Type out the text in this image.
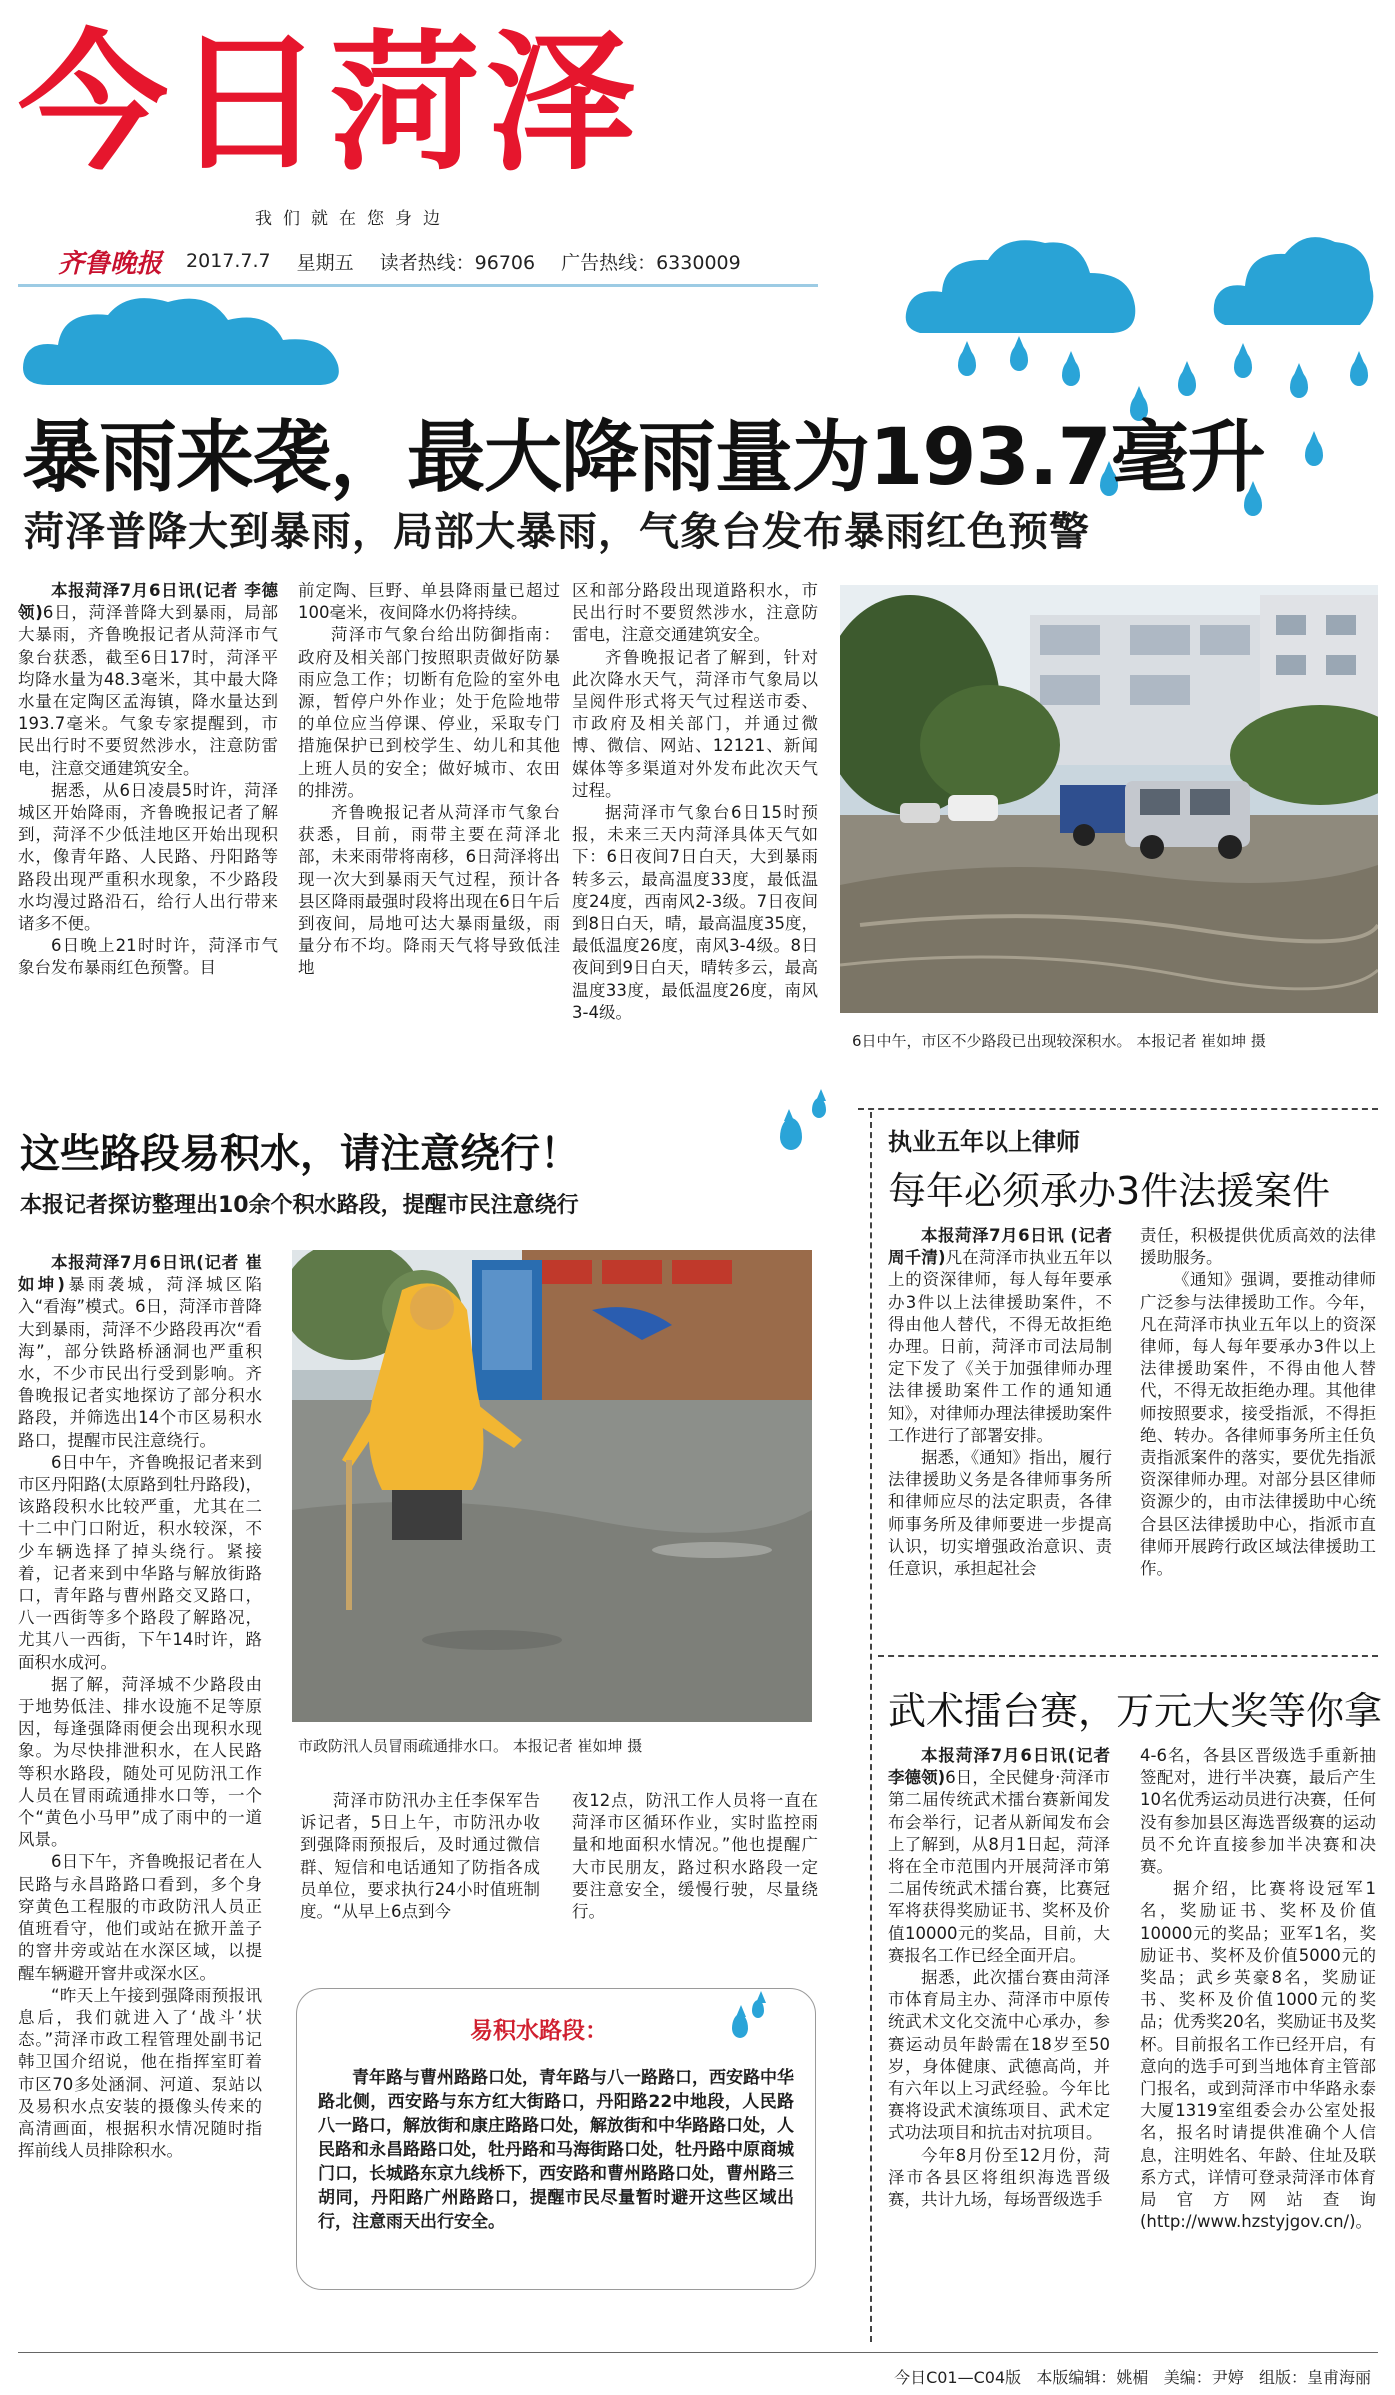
今日菏泽
我们就在您身边
齐鲁晚报 2017.7.7 星期五 读者热线：96706 广告热线：6330009
暴雨来袭，最大降雨量为193.7毫升
菏泽普降大到暴雨，局部大暴雨，气象台发布暴雨红色预警

本报菏泽7月6日讯(记者 李德领)6日，菏泽普降大到暴雨，局部大暴雨，齐鲁晚报记者从菏泽市气象台获悉，截至6日17时，菏泽平均降水量为48.3毫米，其中最大降水量在定陶区孟海镇，降水量达到193.7毫米。气象专家提醒到，市民出行时不要贸然涉水，注意防雷电，注意交通建筑安全。

据悉，从6日凌晨5时许，菏泽城区开始降雨，齐鲁晚报记者了解到，菏泽不少低洼地区开始出现积水，像青年路、人民路、丹阳路等路段出现严重积水现象，不少路段水均漫过路沿石，给行人出行带来诸多不便。

6日晚上21时时许，菏泽市气象台发布暴雨红色预警。目

前定陶、巨野、单县降雨量已超过100毫米，夜间降水仍将持续。

菏泽市气象台给出防御指南：政府及相关部门按照职责做好防暴雨应急工作；切断有危险的室外电源，暂停户外作业；处于危险地带的单位应当停课、停业，采取专门措施保护已到校学生、幼儿和其他上班人员的安全；做好城市、农田的排涝。

齐鲁晚报记者从菏泽市气象台获悉，目前，雨带主要在菏泽北部，未来雨带将南移，6日菏泽将出现一次大到暴雨天气过程，预计各县区降雨最强时段将出现在6日午后到夜间，局地可达大暴雨量级，雨量分布不均。降雨天气将导致低洼地

区和部分路段出现道路积水，市民出行时不要贸然涉水，注意防雷电，注意交通建筑安全。

齐鲁晚报记者了解到，针对此次降水天气，菏泽市气象局以呈阅件形式将天气过程送市委、市政府及相关部门，并通过微博、微信、网站、12121、新闻媒体等多渠道对外发布此次天气过程。

据菏泽市气象台6日15时预报，未来三天内菏泽具体天气如下：6日夜间7日白天，大到暴雨转多云，最高温度33度，最低温度24度，西南风2-3级。7日夜间到8日白天，晴，最高温度35度，最低温度26度，南风3-4级。8日夜间到9日白天，晴转多云，最高温度33度，最低温度26度，南风3-4级。

6日中午，市区不少路段已出现较深积水。 本报记者 崔如坤 摄
这些路段易积水，请注意绕行！
本报记者探访整理出10余个积水路段，提醒市民注意绕行

本报菏泽7月6日讯(记者 崔如坤)暴雨袭城，菏泽城区陷入“看海”模式。6日，菏泽市普降大到暴雨，菏泽不少路段再次“看海”，部分铁路桥涵洞也严重积水，不少市民出行受到影响。齐鲁晚报记者实地探访了部分积水路段，并筛选出14个市区易积水路口，提醒市民注意绕行。

6日中午，齐鲁晚报记者来到市区丹阳路(太原路到牡丹路段)，该路段积水比较严重，尤其在二十二中门口附近，积水较深，不少车辆选择了掉头绕行。紧接着，记者来到中华路与解放街路口，青年路与曹州路交叉路口，八一西街等多个路段了解路况，尤其八一西街，下午14时许，路面积水成河。

据了解，菏泽城不少路段由于地势低洼、排水设施不足等原因，每逢强降雨便会出现积水现象。为尽快排泄积水，在人民路等积水路段，随处可见防汛工作人员在冒雨疏通排水口等，一个个“黄色小马甲”成了雨中的一道风景。

6日下午，齐鲁晚报记者在人民路与永昌路路口看到，多个身穿黄色工程服的市政防汛人员正值班看守，他们或站在掀开盖子的窨井旁或站在水深区域，以提醒车辆避开窨井或深水区。

“昨天上午接到强降雨预报讯息后，我们就进入了‘战斗’状态。”菏泽市政工程管理处副书记韩卫国介绍说，他在指挥室盯着市区70多处涵洞、河道、泵站以及易积水点安装的摄像头传来的高清画面，根据积水情况随时指挥前线人员排除积水。

市政防汛人员冒雨疏通排水口。 本报记者 崔如坤 摄

菏泽市防汛办主任李保军告诉记者，5日上午，市防汛办收到强降雨预报后，及时通过微信群、短信和电话通知了防指各成员单位，要求执行24小时值班制度。“从早上6点到今

夜12点，防汛工作人员将一直在菏泽市区循环作业，实时监控雨量和地面积水情况。”他也提醒广大市民朋友，路过积水路段一定要注意安全，缓慢行驶，尽量绕行。

易积水路段：

青年路与曹州路路口处，青年路与八一路路口，西安路中华路北侧，西安路与东方红大街路口，丹阳路22中地段，人民路八一路口，解放街和康庄路路口处，解放街和中华路路口处，人民路和永昌路路口处，牡丹路和马海街路口处，牡丹路中原商城门口，长城路东京九线桥下，西安路和曹州路路口处，曹州路三胡同，丹阳路广州路路口，提醒市民尽量暂时避开这些区域出行，注意雨天出行安全。

执业五年以上律师
每年必须承办3件法援案件

本报菏泽7月6日讯 (记者 周千清)凡在菏泽市执业五年以上的资深律师，每人每年要承办3件以上法律援助案件，不得由他人替代，不得无故拒绝办理。日前，菏泽市司法局制定下发了《关于加强律师办理法律援助案件工作的通知通知》，对律师办理法律援助案件工作进行了部署安排。

据悉，《通知》指出，履行法律援助义务是各律师事务所和律师应尽的法定职责，各律师事务所及律师要进一步提高认识，切实增强政治意识、责任意识，承担起社会

责任，积极提供优质高效的法律援助服务。

《通知》强调，要推动律师广泛参与法律援助工作。今年，凡在菏泽市执业五年以上的资深律师，每人每年要承办3件以上法律援助案件，不得由他人替代，不得无故拒绝办理。其他律师按照要求，接受指派，不得拒绝、转办。各律师事务所主任负责指派案件的落实，要优先指派资深律师办理。对部分县区律师资源少的，由市法律援助中心统合县区法律援助中心，指派市直律师开展跨行政区域法律援助工作。

武术擂台赛，万元大奖等你拿

本报菏泽7月6日讯(记者 李德领)6日，全民健身·菏泽市第二届传统武术擂台赛新闻发布会举行，记者从新闻发布会上了解到，从8月1日起，菏泽将在全市范围内开展菏泽市第二届传统武术擂台赛，比赛冠军将获得奖励证书、奖杯及价值10000元的奖品，目前，大赛报名工作已经全面开启。

据悉，此次擂台赛由菏泽市体育局主办、菏泽市中原传统武术文化交流中心承办，参赛运动员年龄需在18岁至50岁，身体健康、武德高尚，并有六年以上习武经验。今年比赛将设武术演练项目、武术定式功法项目和抗击对抗项目。

今年8月份至12月份，菏泽市各县区将组织海选晋级赛，共计九场，每场晋级选手

4-6名，各县区晋级选手重新抽签配对，进行半决赛，最后产生10名优秀运动员进行决赛，任何没有参加县区海选晋级赛的运动员不允许直接参加半决赛和决赛。

据介绍，比赛将设冠军1名，奖励证书、奖杯及价值10000元的奖品；亚军1名，奖励证书、奖杯及价值5000元的奖品；武乡英豪8名，奖励证书、奖杯及价值1000元的奖品；优秀奖20名，奖励证书及奖杯。目前报名工作已经开启，有意向的选手可到当地体育主管部门报名，或到菏泽市中华路永泰大厦1319室组委会办公室处报名，报名时请提供准确个人信息，注明姓名、年龄、住址及联系方式，详情可登录菏泽市体育局官方网站查询(http://www.hzstyjgov.cn/)。

今日C01—C04版 本版编辑：姚楣 美编：尹婷 组版：皇甫海丽
